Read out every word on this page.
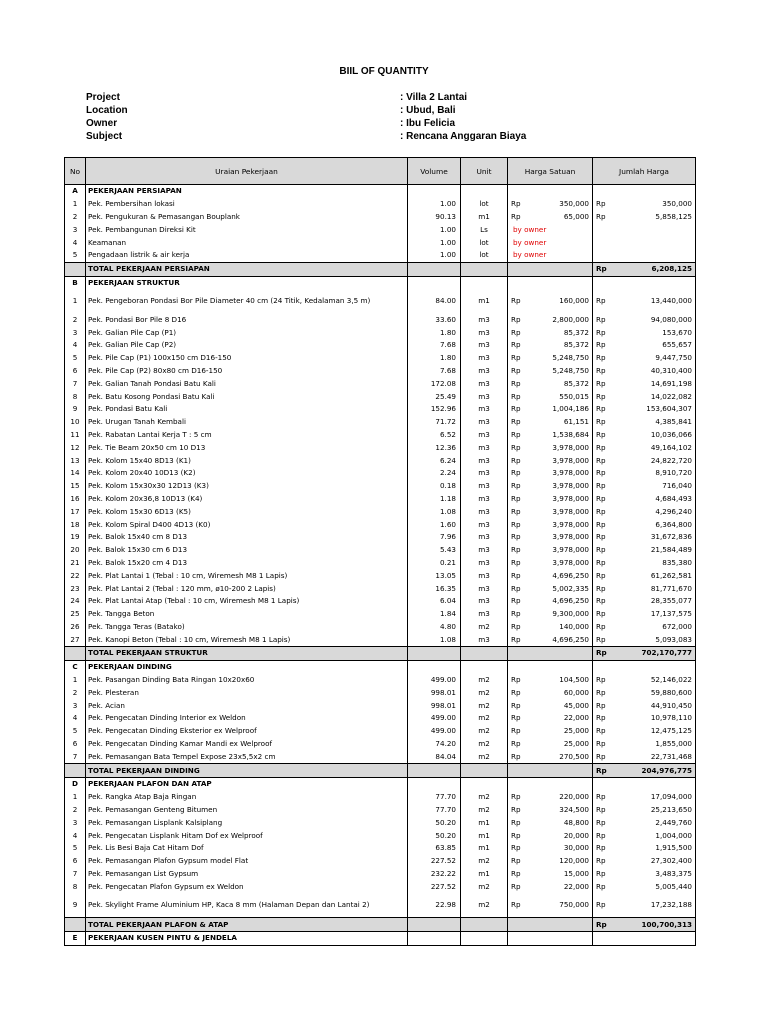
BIIL OF QUANTITY
Project	: Villa 2 Lantai
Location	: Ubud, Bali
Owner	: Ibu Felicia
Subject	: Rencana Anggaran Biaya
No	Uraian Pekerjaan	Volume	Unit	Harga Satuan		Jumlah Harga	
A	PEKERJAAN PERSIAPAN						
1	Pek. Pembersihan lokasi	1.00	lot	Rp	350,000	Rp	350,000
2	Pek. Pengukuran & Pemasangan Bouplank	90.13	m1	Rp	65,000	Rp	5,858,125
3	Pek. Pembangunan Direksi Kit	1.00	Ls	by owner			
4	Keamanan	1.00	lot	by owner			
5	Pengadaan listrik & air kerja	1.00	lot	by owner			
	TOTAL PEKERJAAN PERSIAPAN					Rp	6,208,125
B	PEKERJAAN STRUKTUR						
1	Pek. Pengeboran Pondasi Bor Pile Diameter 40 cm (24 Titik, Kedalaman 3,5 m)	84.00	m1	Rp	160,000	Rp	13,440,000
2	Pek. Pondasi Bor Pile 8 D16	33.60	m3	Rp	2,800,000	Rp	94,080,000
3	Pek. Galian Pile Cap (P1)	1.80	m3	Rp	85,372	Rp	153,670
4	Pek. Galian Pile Cap (P2)	7.68	m3	Rp	85,372	Rp	655,657
5	Pek. Pile Cap (P1) 100x150 cm D16-150	1.80	m3	Rp	5,248,750	Rp	9,447,750
6	Pek. Pile Cap (P2) 80x80 cm D16-150	7.68	m3	Rp	5,248,750	Rp	40,310,400
7	Pek. Galian Tanah Pondasi Batu Kali	172.08	m3	Rp	85,372	Rp	14,691,198
8	Pek. Batu Kosong Pondasi Batu Kali	25.49	m3	Rp	550,015	Rp	14,022,082
9	Pek. Pondasi Batu Kali	152.96	m3	Rp	1,004,186	Rp	153,604,307
10	Pek. Urugan Tanah Kembali	71.72	m3	Rp	61,151	Rp	4,385,841
11	Pek. Rabatan Lantai Kerja T : 5 cm	6.52	m3	Rp	1,538,684	Rp	10,036,066
12	Pek. Tie Beam 20x50 cm 10 D13	12.36	m3	Rp	3,978,000	Rp	49,164,102
13	Pek. Kolom 15x40 8D13 (K1)	6.24	m3	Rp	3,978,000	Rp	24,822,720
14	Pek. Kolom 20x40 10D13 (K2)	2.24	m3	Rp	3,978,000	Rp	8,910,720
15	Pek. Kolom 15x30x30 12D13 (K3)	0.18	m3	Rp	3,978,000	Rp	716,040
16	Pek. Kolom 20x36,8 10D13 (K4)	1.18	m3	Rp	3,978,000	Rp	4,684,493
17	Pek. Kolom 15x30 6D13 (K5)	1.08	m3	Rp	3,978,000	Rp	4,296,240
18	Pek. Kolom Spiral D400 4D13 (K0)	1.60	m3	Rp	3,978,000	Rp	6,364,800
19	Pek. Balok 15x40 cm 8 D13	7.96	m3	Rp	3,978,000	Rp	31,672,836
20	Pek. Balok 15x30 cm 6 D13	5.43	m3	Rp	3,978,000	Rp	21,584,489
21	Pek. Balok 15x20 cm 4 D13	0.21	m3	Rp	3,978,000	Rp	835,380
22	Pek. Plat Lantai 1 (Tebal : 10 cm, Wiremesh M8 1 Lapis)	13.05	m3	Rp	4,696,250	Rp	61,262,581
23	Pek. Plat Lantai 2 (Tebal : 120 mm, ø10-200 2 Lapis)	16.35	m3	Rp	5,002,335	Rp	81,771,670
24	Pek. Plat Lantai Atap (Tebal : 10 cm, Wiremesh M8 1 Lapis)	6.04	m3	Rp	4,696,250	Rp	28,355,077
25	Pek. Tangga Beton	1.84	m3	Rp	9,300,000	Rp	17,137,575
26	Pek. Tangga Teras (Batako)	4.80	m2	Rp	140,000	Rp	672,000
27	Pek. Kanopi Beton (Tebal : 10 cm, Wiremesh M8 1 Lapis)	1.08	m3	Rp	4,696,250	Rp	5,093,083
	TOTAL PEKERJAAN STRUKTUR					Rp	702,170,777
C	PEKERJAAN DINDING						
1	Pek. Pasangan Dinding Bata Ringan 10x20x60	499.00	m2	Rp	104,500	Rp	52,146,022
2	Pek. Plesteran	998.01	m2	Rp	60,000	Rp	59,880,600
3	Pek. Acian	998.01	m2	Rp	45,000	Rp	44,910,450
4	Pek. Pengecatan Dinding Interior ex Weldon	499.00	m2	Rp	22,000	Rp	10,978,110
5	Pek. Pengecatan Dinding Eksterior ex Welproof	499.00	m2	Rp	25,000	Rp	12,475,125
6	Pek. Pengecatan Dinding Kamar Mandi ex Welproof	74.20	m2	Rp	25,000	Rp	1,855,000
7	Pek. Pemasangan Bata Tempel Expose 23x5,5x2 cm	84.04	m2	Rp	270,500	Rp	22,731,468
	TOTAL PEKERJAAN DINDING					Rp	204,976,775
D	PEKERJAAN PLAFON DAN ATAP						
1	Pek. Rangka Atap Baja Ringan	77.70	m2	Rp	220,000	Rp	17,094,000
2	Pek. Pemasangan Genteng Bitumen	77.70	m2	Rp	324,500	Rp	25,213,650
3	Pek. Pemasangan Lisplank Kalsiplang	50.20	m1	Rp	48,800	Rp	2,449,760
4	Pek. Pengecatan Lisplank Hitam Dof ex Welproof	50.20	m1	Rp	20,000	Rp	1,004,000
5	Pek. Lis Besi Baja Cat Hitam Dof	63.85	m1	Rp	30,000	Rp	1,915,500
6	Pek. Pemasangan Plafon Gypsum model Flat	227.52	m2	Rp	120,000	Rp	27,302,400
7	Pek. Pemasangan List Gypsum	232.22	m1	Rp	15,000	Rp	3,483,375
8	Pek. Pengecatan Plafon Gypsum ex Weldon	227.52	m2	Rp	22,000	Rp	5,005,440
9	Pek. Skylight Frame Aluminium HP, Kaca 8 mm (Halaman Depan dan Lantai 2)	22.98	m2	Rp	750,000	Rp	17,232,188
	TOTAL PEKERJAAN PLAFON & ATAP					Rp	100,700,313
E	PEKERJAAN KUSEN PINTU & JENDELA						
